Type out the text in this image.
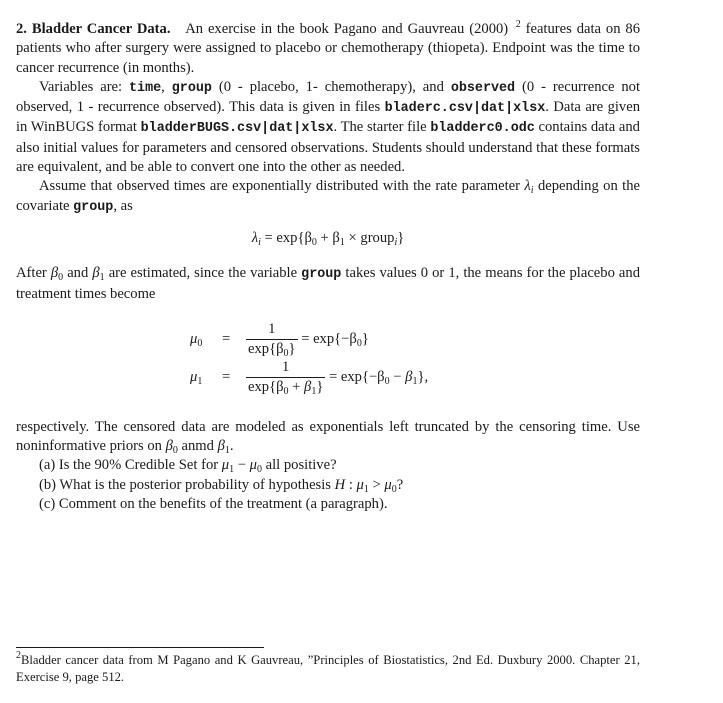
2. Bladder Cancer Data. An exercise in the book Pagano and Gauvreau (2000) $^2$ features data on 86 patients who after surgery were assigned to placebo or chemotherapy (thiopeta). Endpoint was the time to cancer recurrence (in months).

Variables are: time, group (0 - placebo, 1- chemotherapy), and observed (0 - recurrence not observed, 1 - recurrence observed). This data is given in files bladerc.csv|dat|xlsx. Data are given in WinBUGS format bladderBUGS.csv|dat|xlsx. The starter file bladderc0.odc contains data and also initial values for parameters and censored observations. Students should understand that these formats are equivalent, and be able to convert one into the other as needed.

Assume that observed times are exponentially distributed with the rate parameter $\lambda_i$ depending on the covariate group, as

$\lambda_i = \exp\{\beta_0 + \beta_1$ × group$_i$}

After $\beta_0$ and $\beta_1$ are estimated, since the variable group takes values 0 or 1, the means for the placebo and treatment times become

$\mu_0 = \frac{1}{\exp\{\beta_0\}} = \exp\{-\beta_0\}$
$\mu_1 = \frac{1}{\exp\{\beta_0 + \beta_1\}} = \exp\{-\beta_0 - \beta_1\}$,

respectively. The censored data are modeled as exponentials left truncated by the censoring time. Use noninformative priors on $\beta_0$ anmd $\beta_1$.

(a) Is the 90% Credible Set for $\mu_1 - \mu_0$ all positive?
(b) What is the posterior probability of hypothesis H : $\mu_1 > \mu_0$?
(c) Comment on the benefits of the treatment (a paragraph).
$^2$Bladder cancer data from M Pagano and K Gauvreau, ”Principles of Biostatistics, 2nd Ed. Duxbury 2000. Chapter 21, Exercise 9, page 512.
